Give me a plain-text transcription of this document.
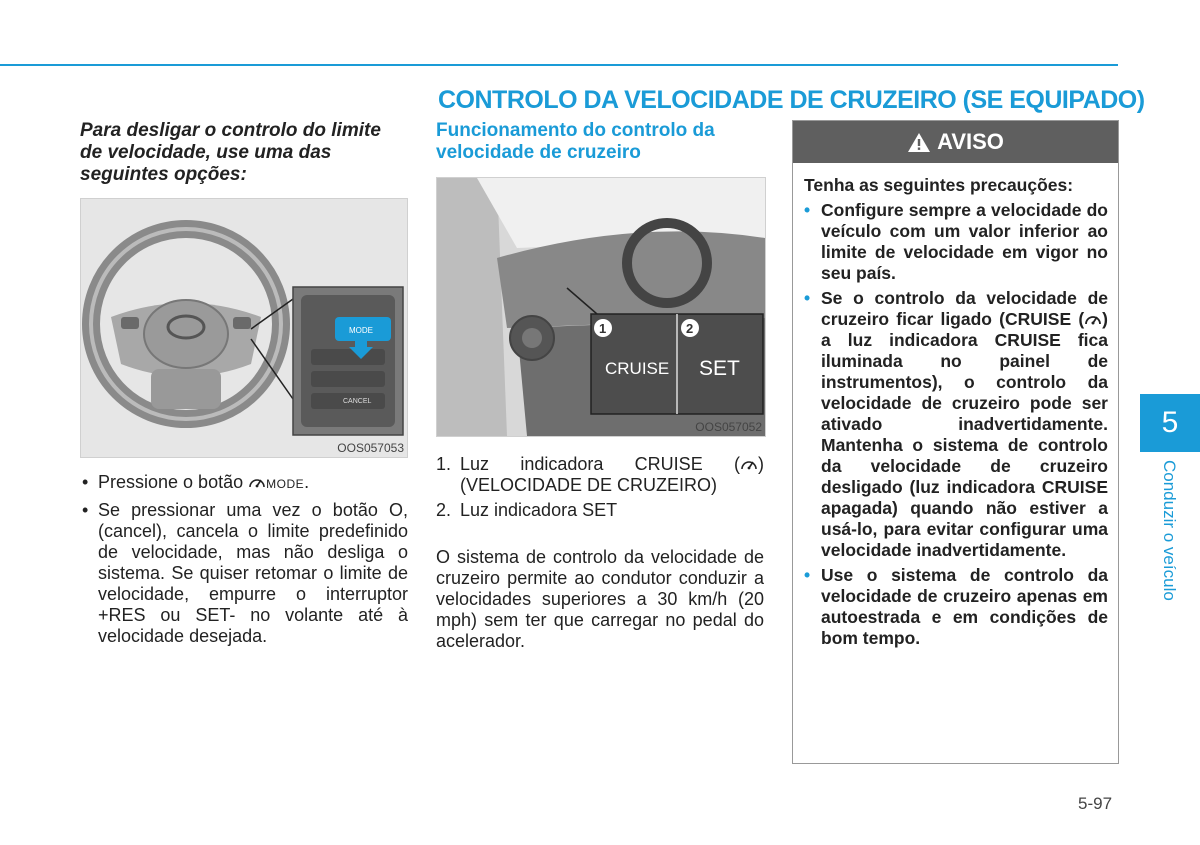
CONTROLO DA VELOCIDADE DE CRUZEIRO (SE EQUIPADO)

Para desligar o controlo do limite de velocidade, use uma das seguintes opções:

MODE
CANCEL
OOS057053
• Pressione o botão MODE.
• Se pressionar uma vez o botão O, (cancel), cancela o limite predefinido de velocidade, mas não desliga o sistema. Se quiser retomar o limite de velocidade, empurre o interruptor +RES ou SET- no volante até à velocidade desejada.
Funcionamento do controlo da velocidade de cruzeiro
1	2
CRUISE SET
OOS057052
1. Luz indicadora CRUISE ( ) (VELOCIDADE DE CRUZEIRO)
2. Luz indicadora SET

O sistema de controlo da velocidade de cruzeiro permite ao condutor conduzir a velocidades superiores a 30 km/h (20 mph) sem ter que carregar no pedal do acelerador.

AVISO
Tenha as seguintes precauções:
• Configure sempre a velocidade do veículo com um valor inferior ao limite de velocidade em vigor no seu país.
• Se o controlo da velocidade de cruzeiro ficar ligado (CRUISE ( ) a luz indicadora CRUISE fica iluminada no painel de instrumentos), o controlo da velocidade de cruzeiro pode ser ativado inadvertidamente. Mantenha o sistema de controlo da velocidade de cruzeiro desligado (luz indicadora CRUISE apagada) quando não estiver a usá-lo, para evitar configurar uma velocidade inadvertidamente.
• Use o sistema de controlo da velocidade de cruzeiro apenas em autoestrada e em condições de bom tempo.
5
Conduzir o veículo
5-97
